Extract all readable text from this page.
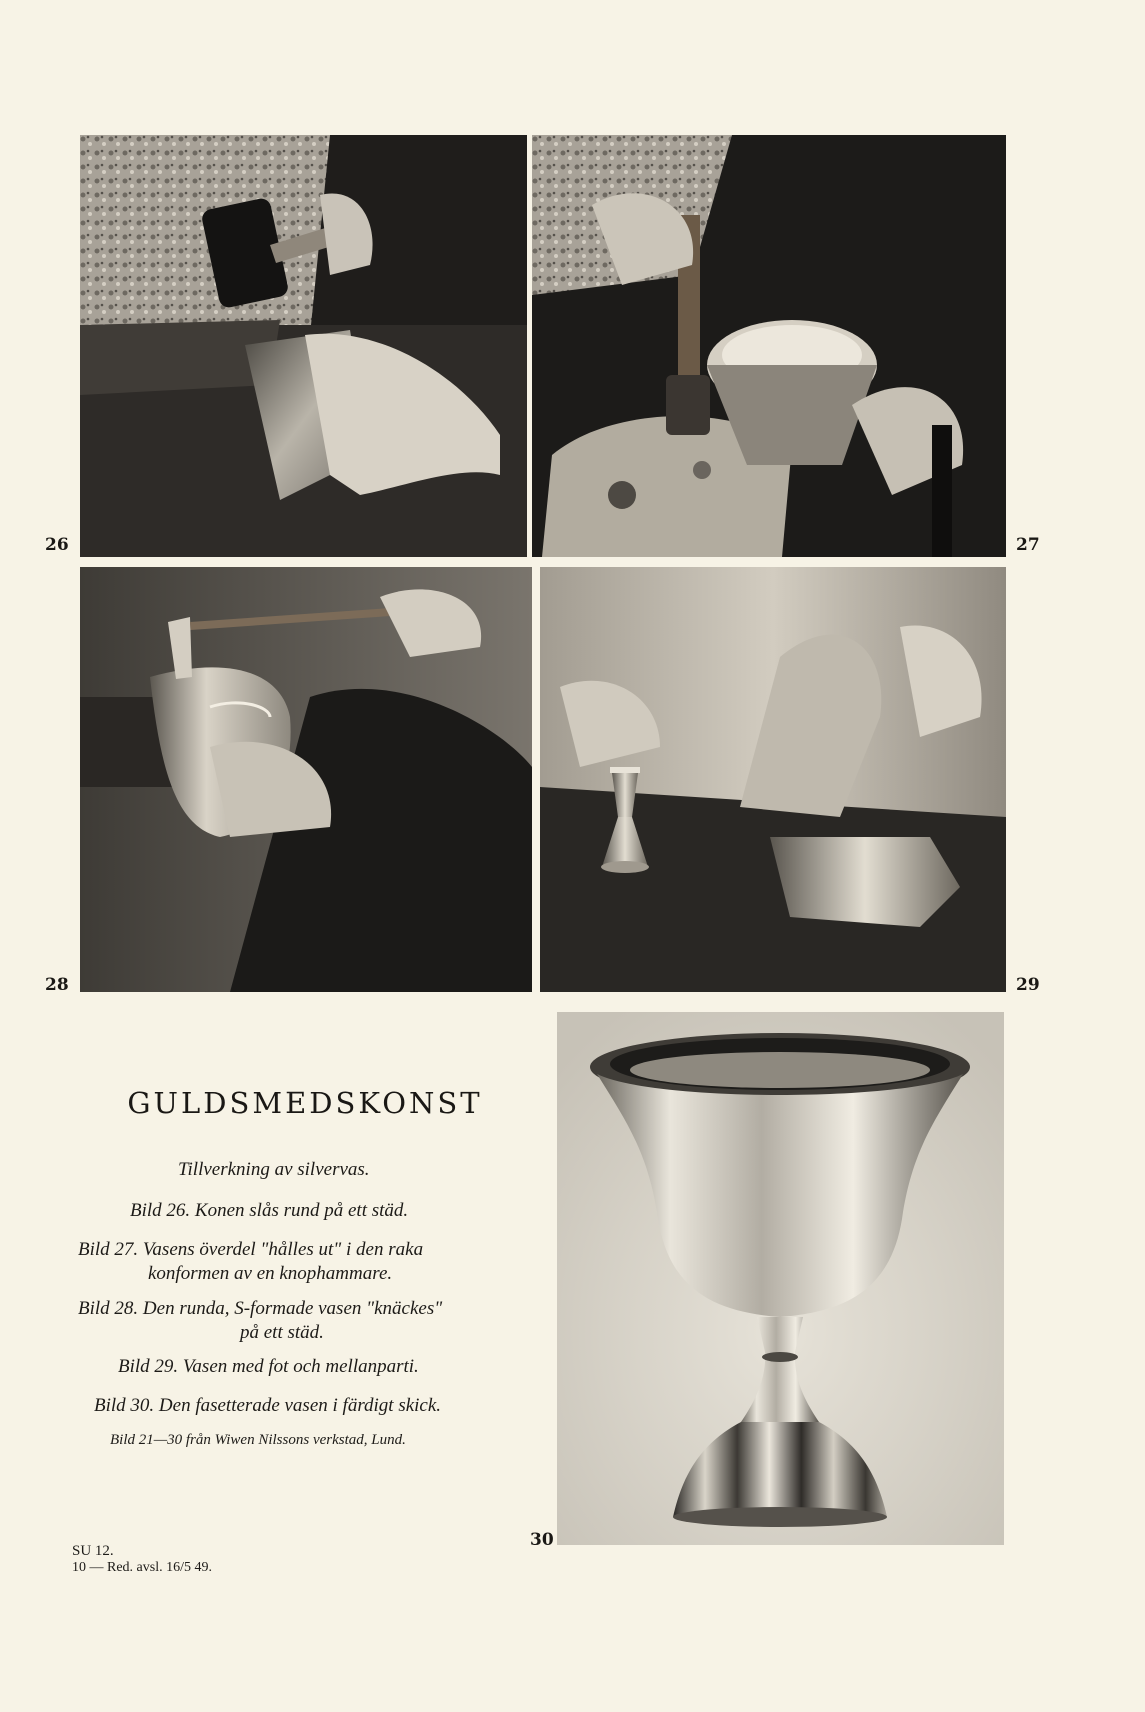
26	27
28	29
30
GULDSMEDSKONST
Tillverkning av silvervas.
Bild 26. Konen slås rund på ett städ.
Bild 27. Vasens överdel "hålles ut" i den raka
konformen av en knophammare.
Bild 28. Den runda, S-formade vasen "knäckes"
på ett städ.
Bild 29. Vasen med fot och mellanparti.
Bild 30. Den fasetterade vasen i färdigt skick.
Bild 21—30 från Wiwen Nilssons verkstad, Lund.
SU 12.
10 — Red. avsl. 16/5 49.
